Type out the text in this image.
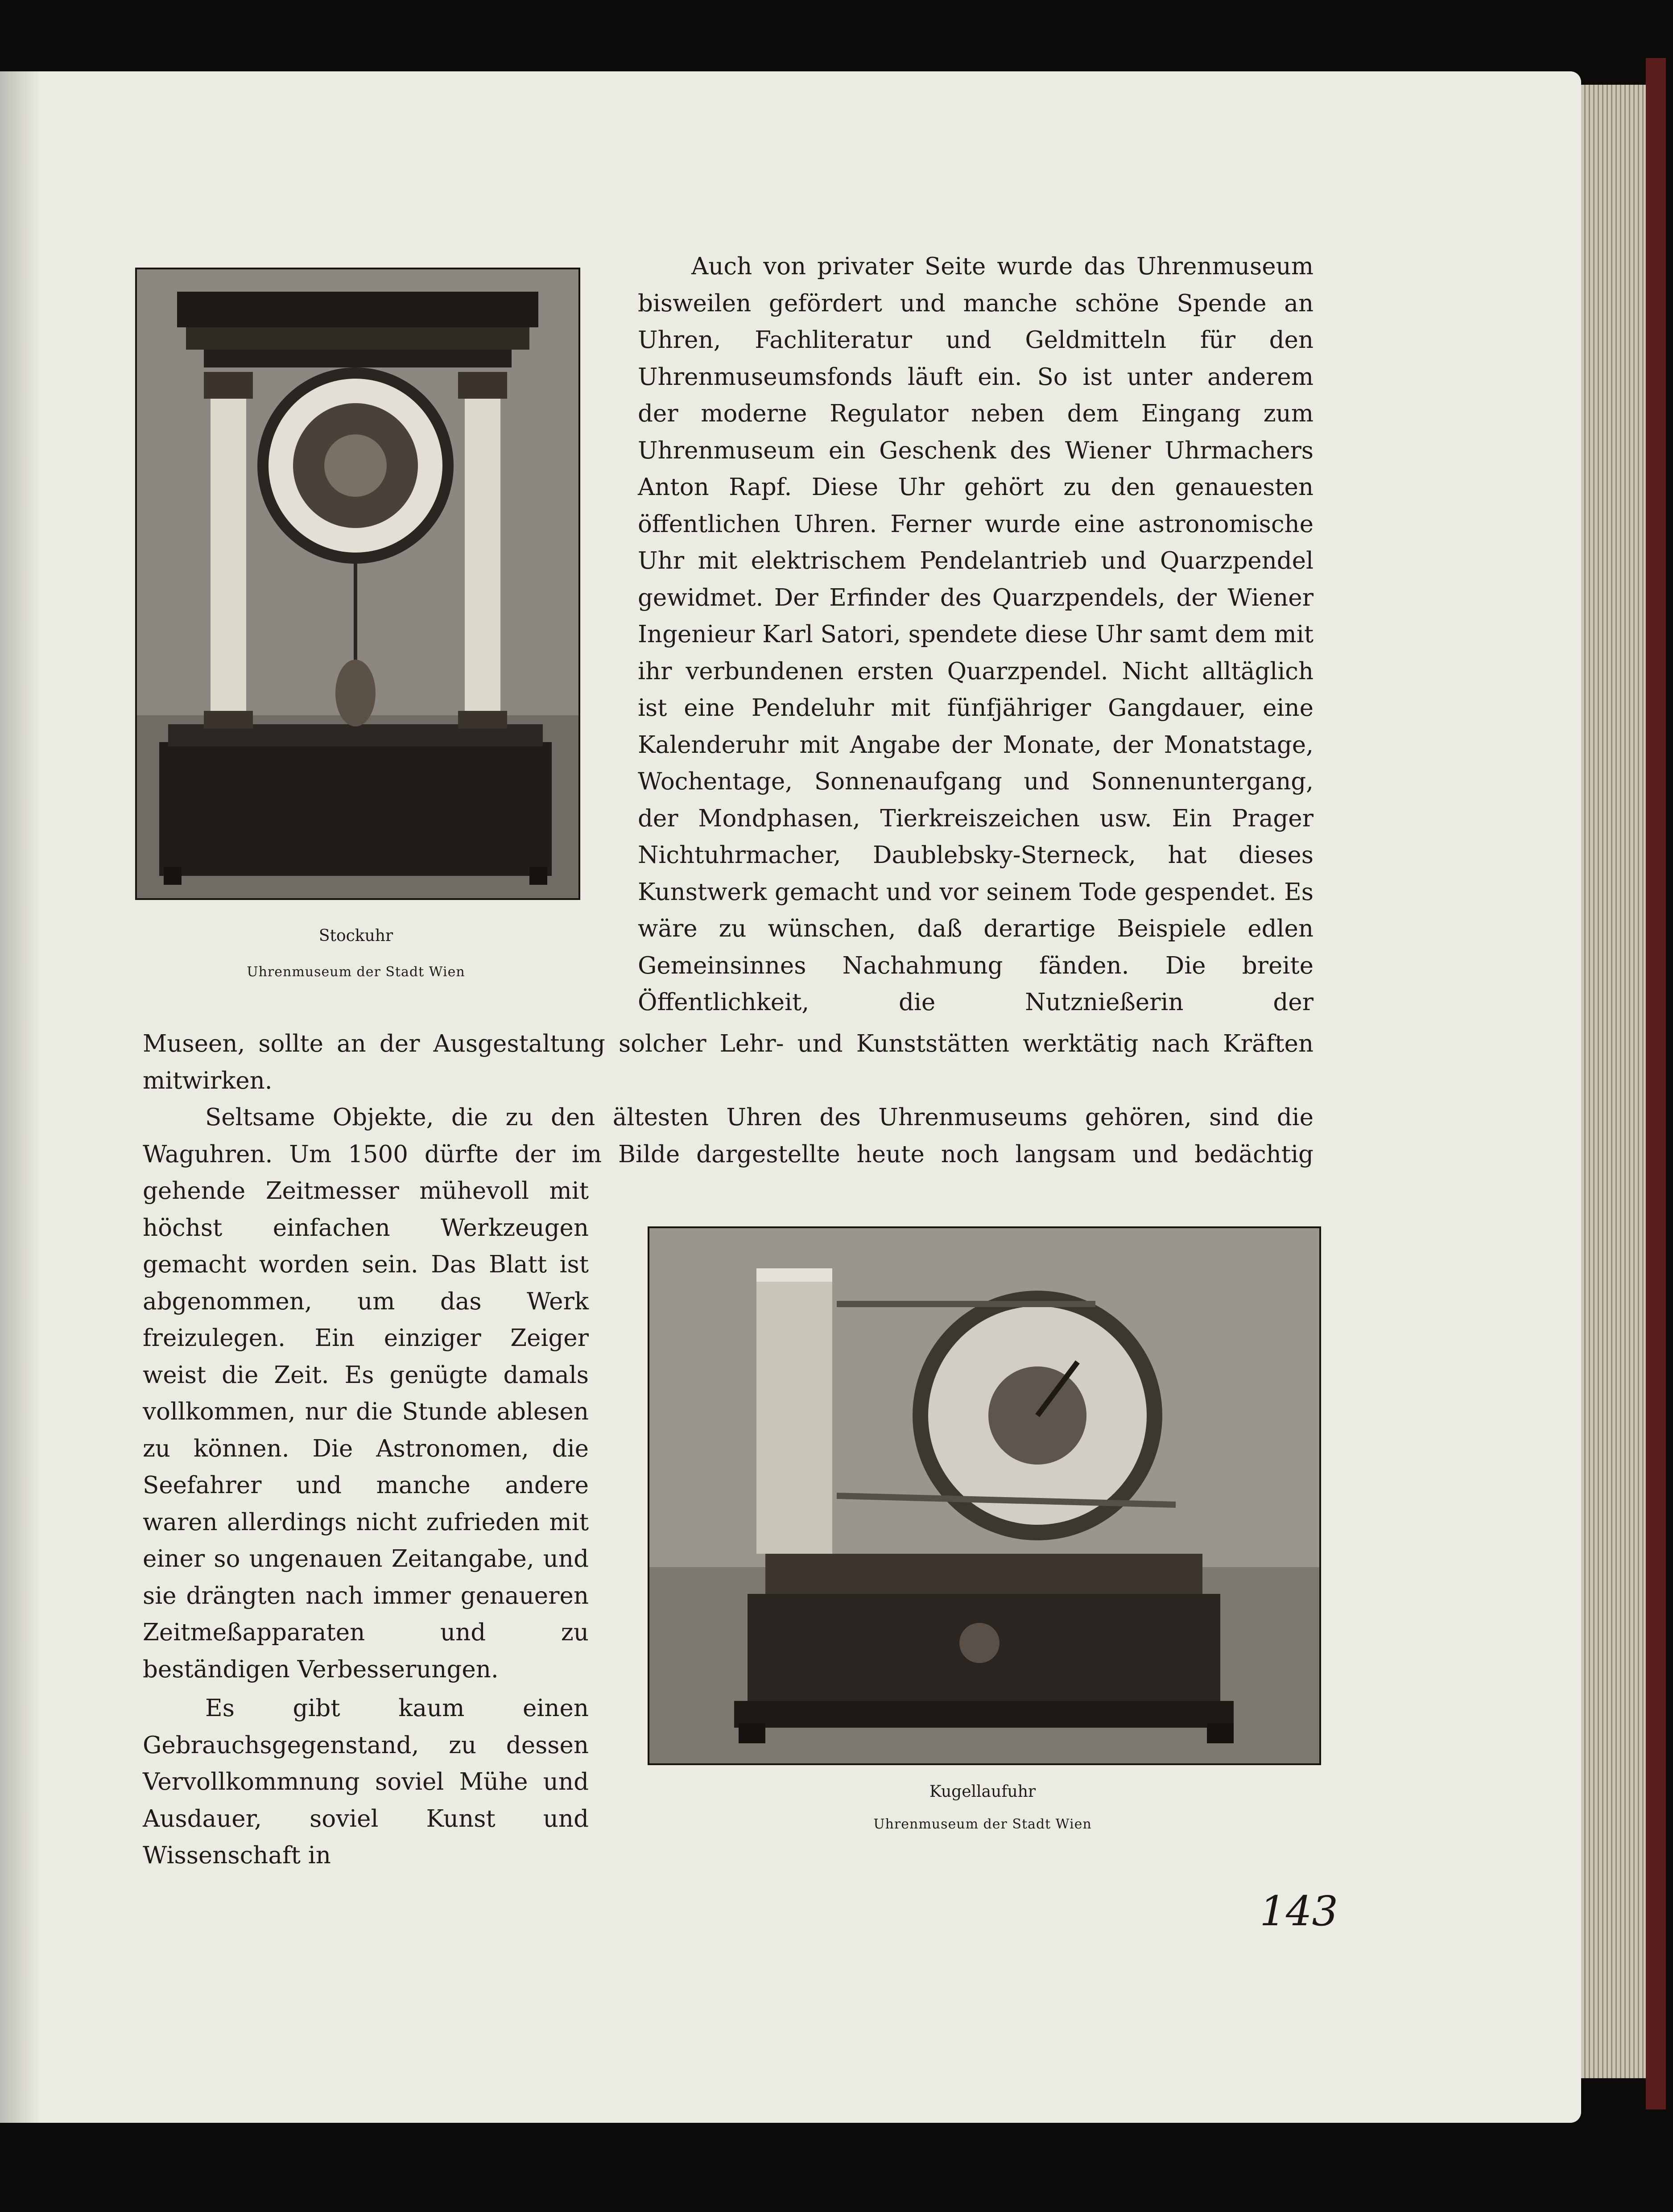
Stockuhr

Uhrenmuseum der Stadt Wien

Auch von privater Seite wurde das Uhrenmuseum bisweilen gefördert und manche schöne Spende an Uhren, Fachliteratur und Geldmitteln für den Uhrenmuseumsfonds läuft ein. So ist unter anderem der moderne Regulator neben dem Eingang zum Uhrenmuseum ein Geschenk des Wiener Uhrmachers Anton Rapf. Diese Uhr gehört zu den genauesten öffentlichen Uhren. Ferner wurde eine astronomische Uhr mit elektrischem Pendelantrieb und Quarzpendel gewidmet. Der Erfinder des Quarzpendels, der Wiener Ingenieur Karl Satori, spendete diese Uhr samt dem mit ihr verbundenen ersten Quarzpendel. Nicht alltäglich ist eine Pendeluhr mit fünfjähriger Gangdauer, eine Kalenderuhr mit Angabe der Monate, der Monatstage, Wochentage, Sonnenaufgang und Sonnenuntergang, der Mondphasen, Tierkreiszeichen usw. Ein Prager Nichtuhrmacher, Daublebsky-Sterneck, hat dieses Kunstwerk gemacht und vor seinem Tode gespendet. Es wäre zu wünschen, daß derartige Beispiele edlen Gemeinsinnes Nachahmung fänden. Die breite Öffentlichkeit, die Nutznießerin der

Museen, sollte an der Ausgestaltung solcher Lehr- und Kunststätten werktätig nach Kräften

mitwirken.

Seltsame Objekte, die zu den ältesten Uhren des Uhrenmuseums gehören, sind die Waguhren. Um 1500 dürfte der im Bilde dargestellte heute noch langsam und bedächtig

gehende Zeitmesser mühevoll mit höchst einfachen Werkzeugen gemacht worden sein. Das Blatt ist abgenommen, um das Werk freizulegen. Ein einziger Zeiger weist die Zeit. Es genügte damals vollkommen, nur die Stunde ablesen zu können. Die Astronomen, die Seefahrer und manche andere waren allerdings nicht zufrieden mit einer so ungenauen Zeitangabe, und sie drängten nach immer genaueren Zeitmeßapparaten und zu beständigen Verbesserungen.

Es gibt kaum einen Gebrauchsgegenstand, zu dessen Vervollkommnung soviel Mühe und Ausdauer, soviel Kunst und Wissenschaft in

Kugellaufuhr

Uhrenmuseum der Stadt Wien

143
